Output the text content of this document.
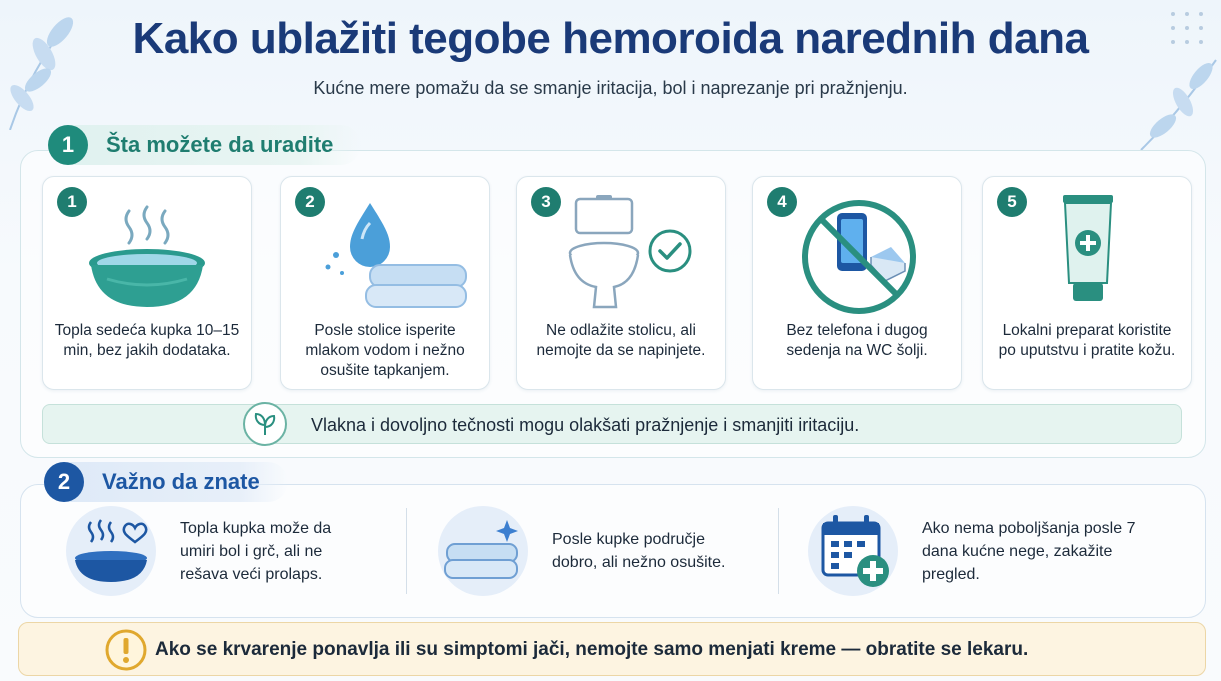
Kako ublažiti tegobe hemoroida narednih dana
Kućne mere pomažu da se smanje iritacija, bol i naprezanje pri pražnjenju.
1	Šta možete da uradite
1
Topla sedeća kupka 10–15 min, bez jakih dodataka.
2
Posle stolice isperite mlakom vodom i nežno osušite tapkanjem.
3
Ne odlažite stolicu, ali nemojte da se napinjete.
4
Bez telefona i dugog sedenja na WC šolji.
5
Lokalni preparat koristite po uputstvu i pratite kožu.
Vlakna i dovoljno tečnosti mogu olakšati pražnjenje i smanjiti iritaciju.
2	Važno da znate
Topla kupka može da umiri bol i grč, ali ne rešava veći prolaps.
Posle kupke područje dobro, ali nežno osušite.
Ako nema poboljšanja posle 7 dana kućne nege, zakažite pregled.
Ako se krvarenje ponavlja ili su simptomi jači, nemojte samo menjati kreme — obratite se lekaru.
